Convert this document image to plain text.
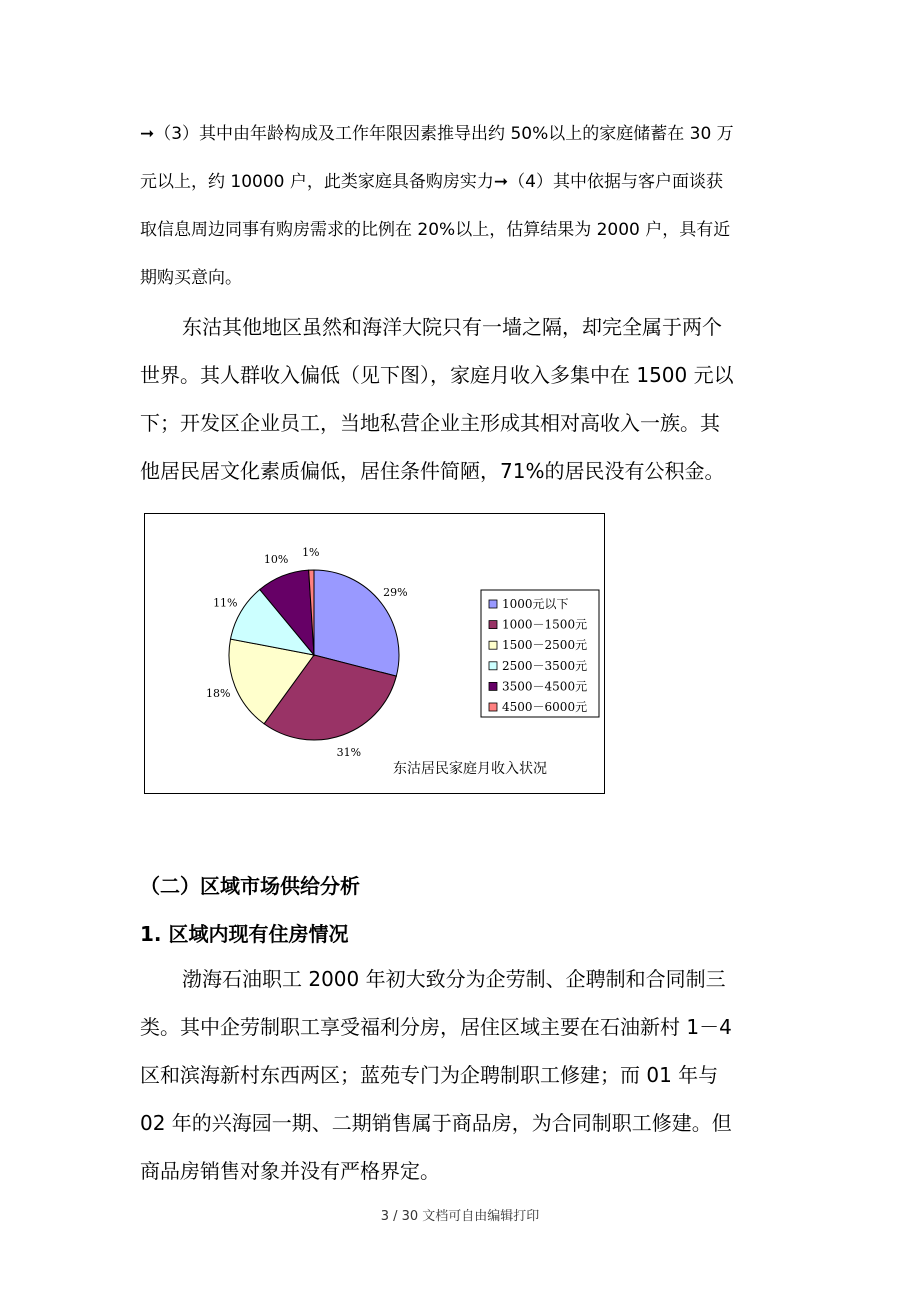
➞（3）其中由年龄构成及工作年限因素推导出约 50%以上的家庭储蓄在 30 万
元以上，约 10000 户，此类家庭具备购房实力➞（4）其中依据与客户面谈获
取信息周边同事有购房需求的比例在 20%以上，估算结果为 2000 户，具有近
期购买意向。
东沽其他地区虽然和海洋大院只有一墙之隔，却完全属于两个
世界。其人群收入偏低（见下图），家庭月收入多集中在 1500 元以
下；开发区企业员工，当地私营企业主形成其相对高收入一族。其
他居民居文化素质偏低，居住条件简陋，71%的居民没有公积金。
29%
31%
18%
11%
10%
1%
1000元以下
1000－1500元
1500－2500元
2500－3500元
3500－4500元
4500－6000元
东沽居民家庭月收入状况
（二）区域市场供给分析
1. 区域内现有住房情况
渤海石油职工 2000 年初大致分为企劳制、企聘制和合同制三
类。其中企劳制职工享受福利分房，居住区域主要在石油新村 1－4
区和滨海新村东西两区；蓝苑专门为企聘制职工修建；而 01 年与
02 年的兴海园一期、二期销售属于商品房，为合同制职工修建。但
商品房销售对象并没有严格界定。
3 / 30 文档可自由编辑打印
